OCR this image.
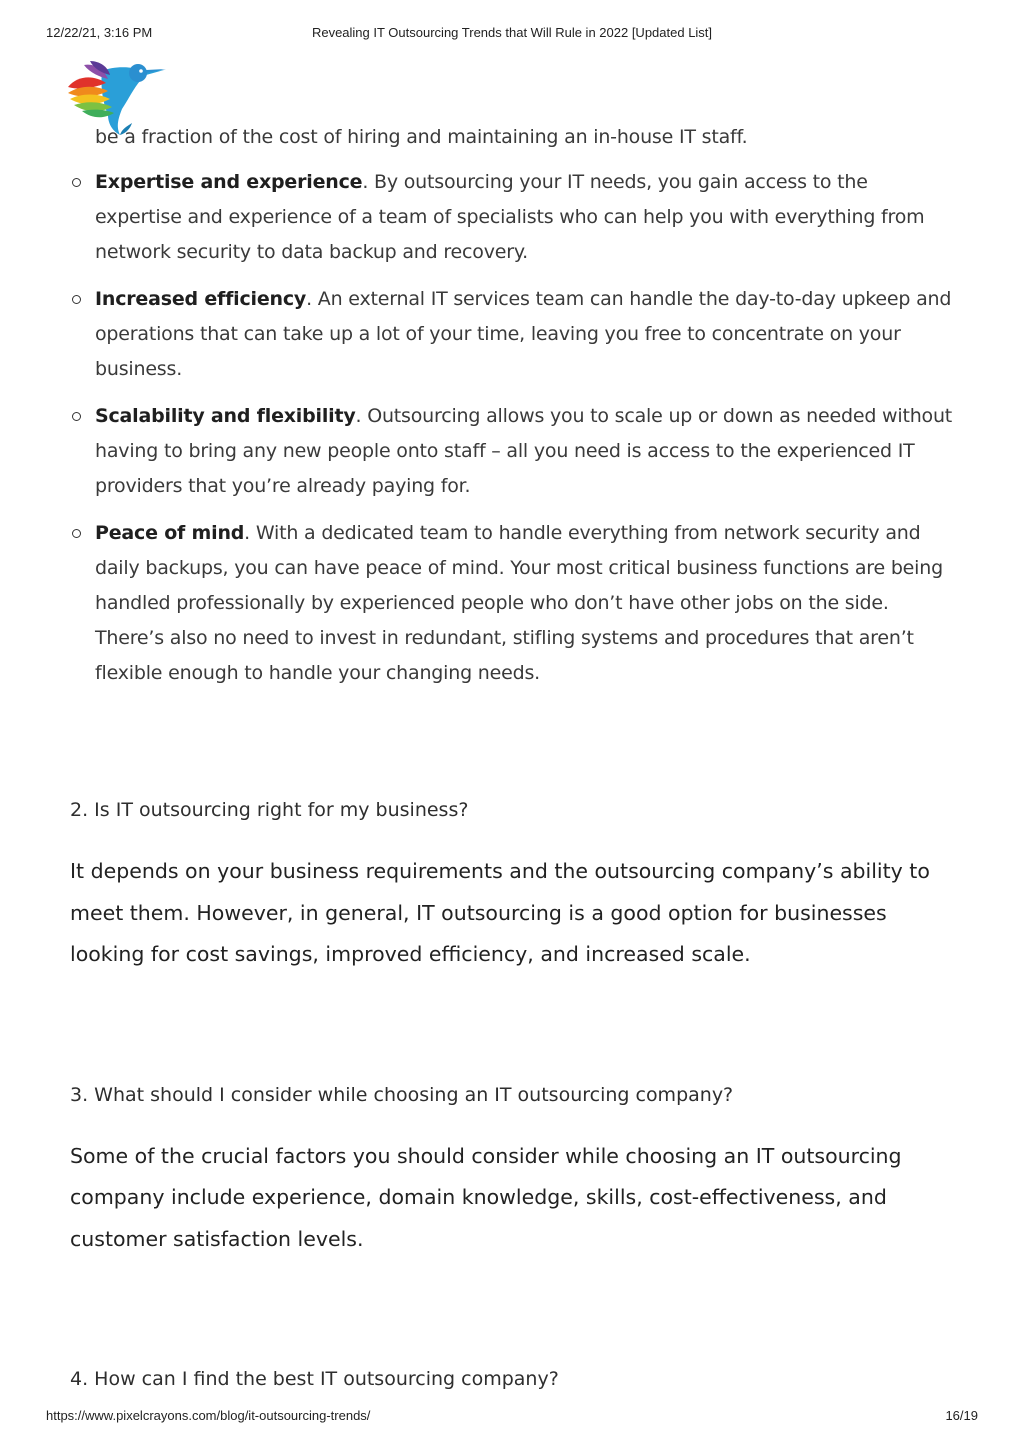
12/22/21, 3:16 PM	Revealing IT Outsourcing Trends that Will Rule in 2022 [Updated List]

be a fraction of the cost of hiring and maintaining an in-house IT staff.

Expertise and experience. By outsourcing your IT needs, you gain access to the expertise and experience of a team of specialists who can help you with everything from network security to data backup and recovery.
Increased efficiency. An external IT services team can handle the day-to-day upkeep and operations that can take up a lot of your time, leaving you free to concentrate on your business.
Scalability and flexibility. Outsourcing allows you to scale up or down as needed without having to bring any new people onto staff – all you need is access to the experienced IT providers that you’re already paying for.
Peace of mind. With a dedicated team to handle everything from network security and daily backups, you can have peace of mind. Your most critical business functions are being handled professionally by experienced people who don’t have other jobs on the side. There’s also no need to invest in redundant, stifling systems and procedures that aren’t flexible enough to handle your changing needs.
2. Is IT outsourcing right for my business?

It depends on your business requirements and the outsourcing company’s ability to meet them. However, in general, IT outsourcing is a good option for businesses looking for cost savings, improved efficiency, and increased scale.

3. What should I consider while choosing an IT outsourcing company?

Some of the crucial factors you should consider while choosing an IT outsourcing company include experience, domain knowledge, skills, cost-effectiveness, and customer satisfaction levels.

4. How can I find the best IT outsourcing company?
https://www.pixelcrayons.com/blog/it-outsourcing-trends/	16/19
